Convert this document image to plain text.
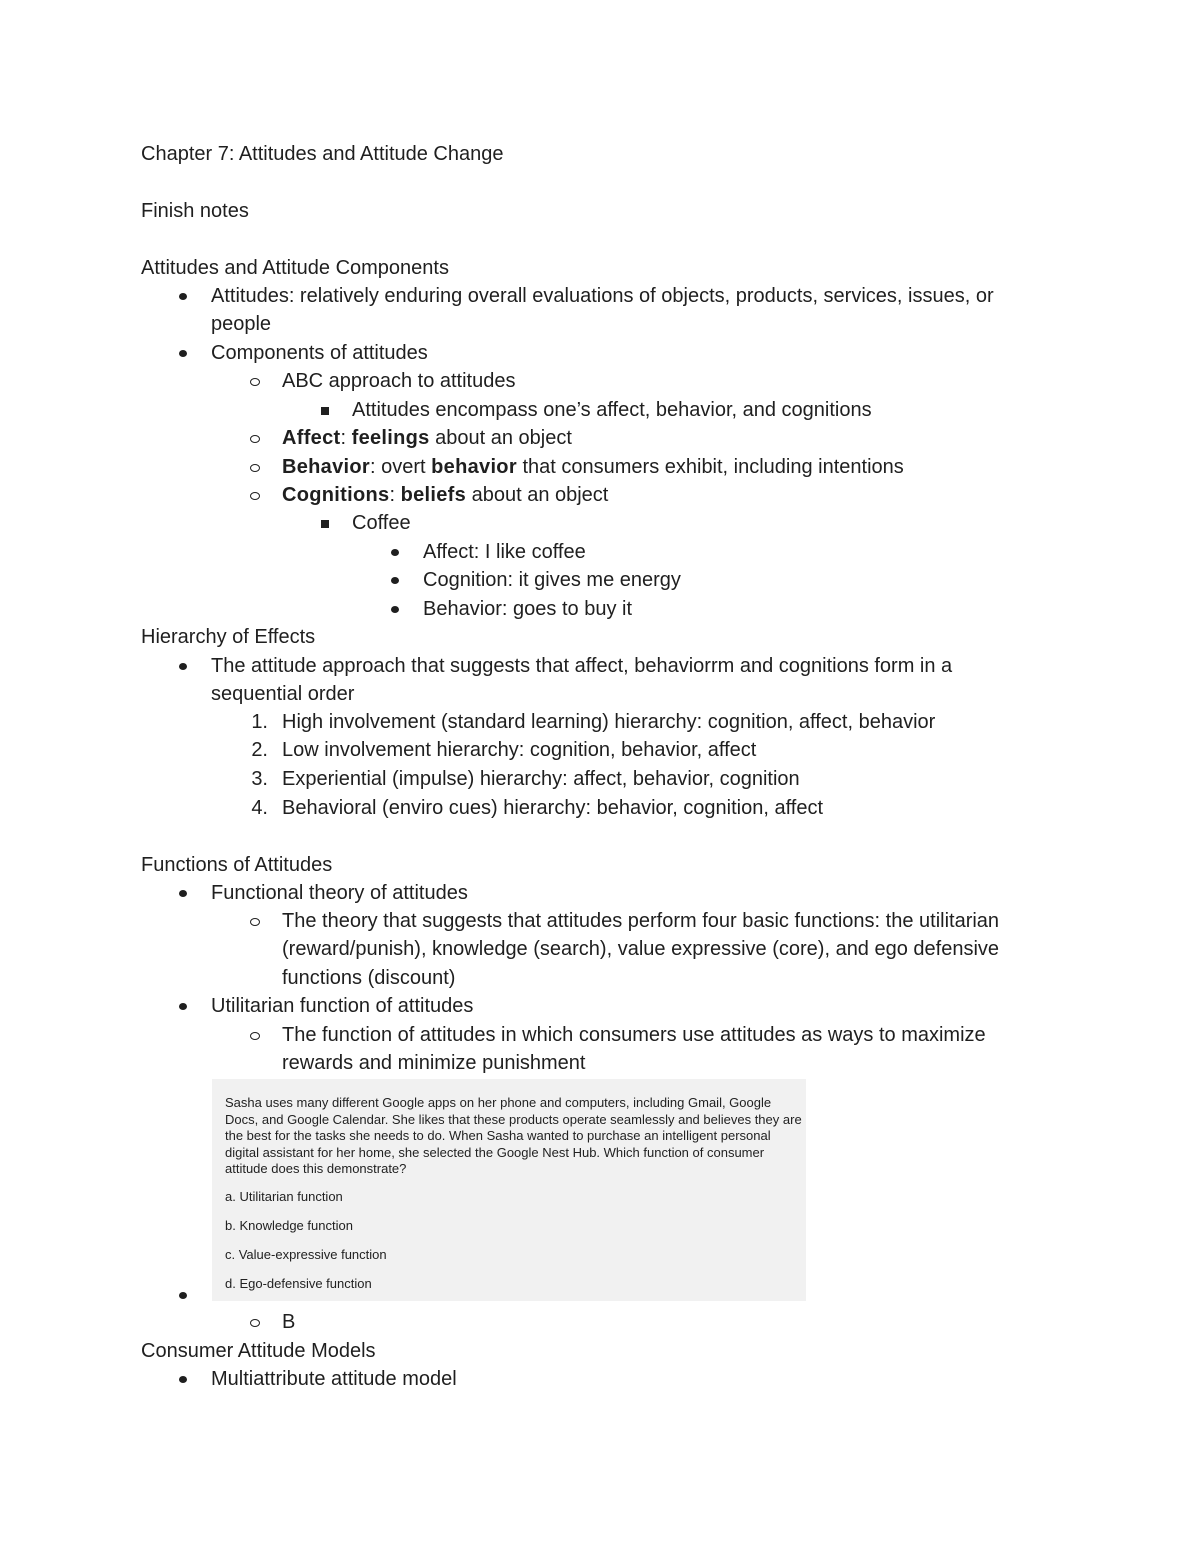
Chapter 7: Attitudes and Attitude Change
Finish notes
Attitudes and Attitude Components
Attitudes: relatively enduring overall evaluations of objects, products, services, issues, or
people
Components of attitudes
ABC approach to attitudes
Attitudes encompass one’s affect, behavior, and cognitions
Affect: feelings about an object
Behavior: overt behavior that consumers exhibit, including intentions
Cognitions: beliefs about an object
Coffee
Affect: I like coffee
Cognition: it gives me energy
Behavior: goes to buy it
Hierarchy of Effects
The attitude approach that suggests that affect, behaviorrm and cognitions form in a
sequential order
1. High involvement (standard learning) hierarchy: cognition, affect, behavior
2. Low involvement hierarchy: cognition, behavior, affect
3. Experiential (impulse) hierarchy: affect, behavior, cognition
4. Behavioral (enviro cues) hierarchy: behavior, cognition, affect
Functions of Attitudes
Functional theory of attitudes
The theory that suggests that attitudes perform four basic functions: the utilitarian
(reward/punish), knowledge (search), value expressive (core), and ego defensive
functions (discount)
Utilitarian function of attitudes
The function of attitudes in which consumers use attitudes as ways to maximize
rewards and minimize punishment
Sasha uses many different Google apps on her phone and computers, including Gmail, Google Docs, and Google Calendar. She likes that these products operate seamlessly and believes they are the best for the tasks she needs to do. When Sasha wanted to purchase an intelligent personal digital assistant for her home, she selected the Google Nest Hub. Which function of consumer attitude does this demonstrate?
a. Utilitarian function
b. Knowledge function
c. Value-expressive function
d. Ego-defensive function
B
Consumer Attitude Models
Multiattribute attitude model
